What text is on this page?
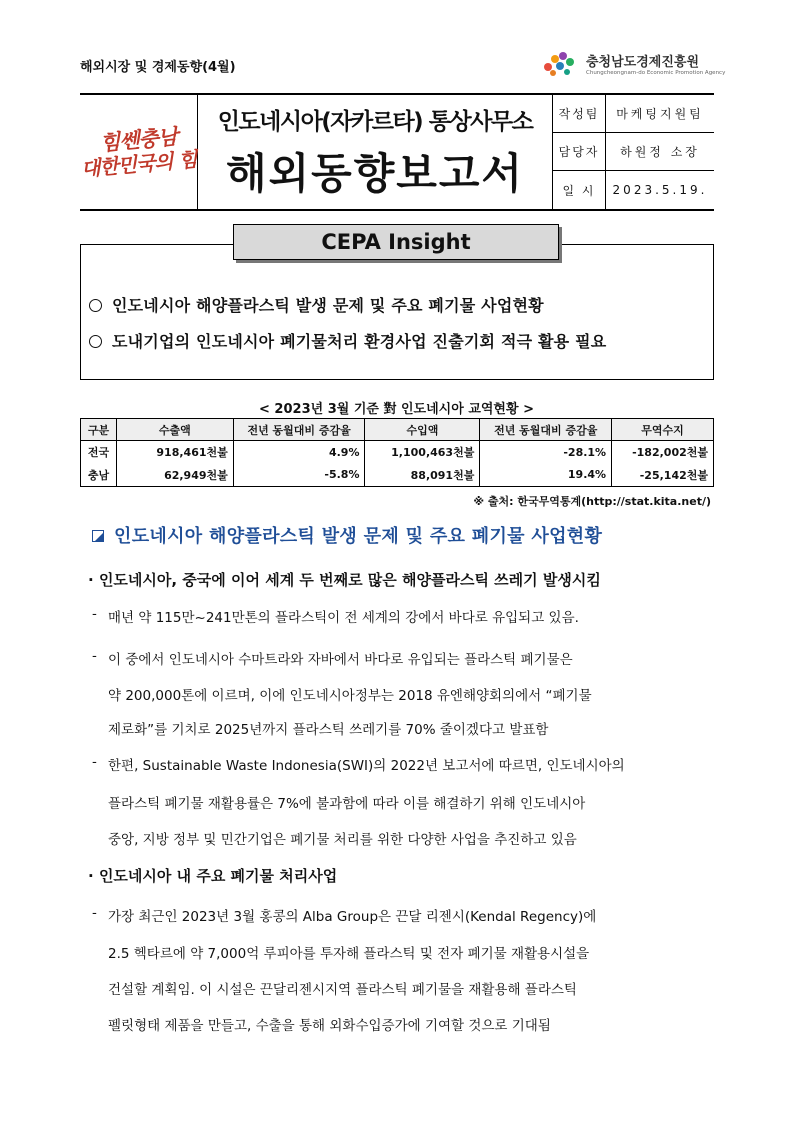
해외시장 및 경제동향(4월)	충청남도경제진흥원
Chungcheongnam-do Economic Promotion Agency
힘쎈충남
대한민국의 힘
인도네시아(자카르타) 통상사무소
해외동향보고서
작성팀	마케팅지원팀
담당자	하원정 소장
일 시	2023.5.19.
CEPA Insight
인도네시아 해양플라스틱 발생 문제 및 주요 폐기물 사업현황
도내기업의 인도네시아 폐기물처리 환경사업 진출기회 적극 활용 필요
< 2023년 3월 기준 對 인도네시아 교역현황 >
구분	수출액	전년 동월대비 증감율	수입액	전년 동월대비 증감율	무역수지
전국	918,461천불	4.9%	1,100,463천불	-28.1%	-182,002천불
충남	62,949천불	-5.8%	88,091천불	19.4%	-25,142천불
※ 출처: 한국무역통계(http://stat.kita.net/)
인도네시아 해양플라스틱 발생 문제 및 주요 폐기물 사업현황
· 인도네시아, 중국에 이어 세계 두 번째로 많은 해양플라스틱 쓰레기 발생시킴
- 매년 약 115만~241만톤의 플라스틱이 전 세계의 강에서 바다로 유입되고 있음.
- 이 중에서 인도네시아 수마트라와 자바에서 바다로 유입되는 플라스틱 폐기물은
약 200,000톤에 이르며, 이에 인도네시아정부는 2018 유엔해양회의에서 “폐기물
제로화”를 기치로 2025년까지 플라스틱 쓰레기를 70% 줄이겠다고 발표함
- 한편, Sustainable Waste Indonesia(SWI)의 2022년 보고서에 따르면, 인도네시아의
플라스틱 폐기물 재활용률은 7%에 불과함에 따라 이를 해결하기 위해 인도네시아
중앙, 지방 정부 및 민간기업은 폐기물 처리를 위한 다양한 사업을 추진하고 있음
· 인도네시아 내 주요 폐기물 처리사업
- 가장 최근인 2023년 3월 홍콩의 Alba Group은 끈달 리젠시(Kendal Regency)에
2.5 헥타르에 약 7,000억 루피아를 투자해 플라스틱 및 전자 폐기물 재활용시설을
건설할 계획임. 이 시설은 끈달리젠시지역 플라스틱 폐기물을 재활용해 플라스틱
펠릿형태 제품을 만들고, 수출을 통해 외화수입증가에 기여할 것으로 기대됨
